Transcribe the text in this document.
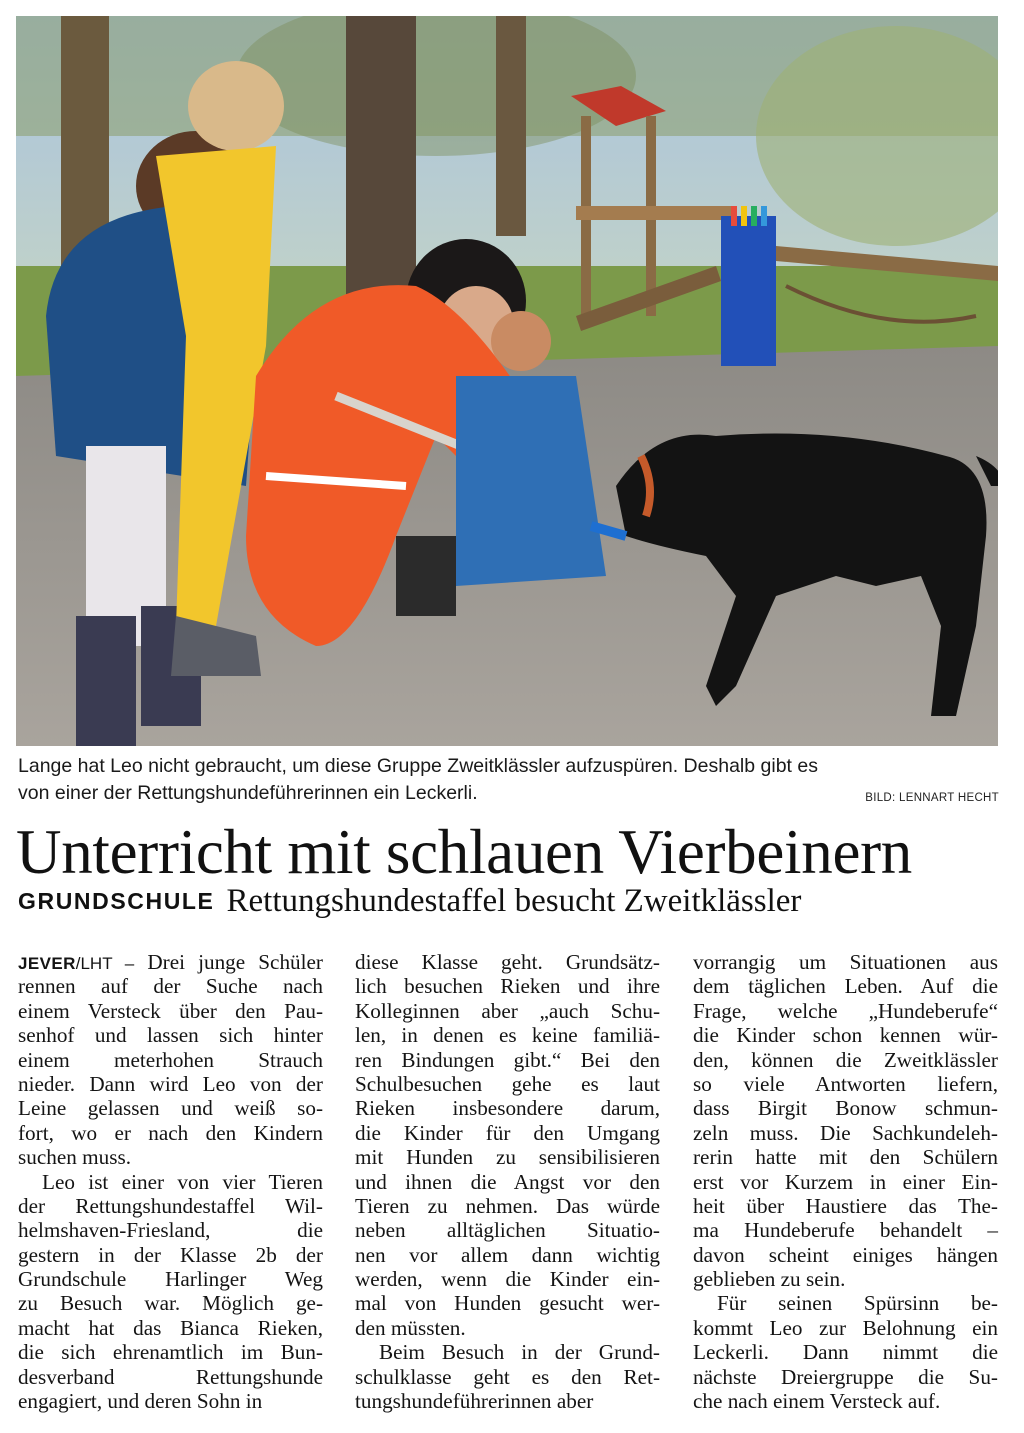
Lange hat Leo nicht gebraucht, um diese Gruppe Zweitklässler aufzuspüren. Deshalb gibt es
von einer der Rettungshundeführerinnen ein Leckerli.	BILD: LENNART HECHT
Unterricht mit schlauen Vierbeinern
GRUNDSCHULE Rettungshundestaffel besucht Zweitklässler
JEVER/LHT – Drei junge Schüler
rennen auf der Suche nach
einem Versteck über den Pau-
senhof und lassen sich hinter
einem meterhohen Strauch
nieder. Dann wird Leo von der
Leine gelassen und weiß so-
fort, wo er nach den Kindern
suchen muss.
Leo ist einer von vier Tieren
der Rettungshundestaffel Wil-
helmshaven-Friesland, die
gestern in der Klasse 2b der
Grundschule Harlinger Weg
zu Besuch war. Möglich ge-
macht hat das Bianca Rieken,
die sich ehrenamtlich im Bun-
desverband Rettungshunde
engagiert, und deren Sohn in
diese Klasse geht. Grundsätz-
lich besuchen Rieken und ihre
Kolleginnen aber „auch Schu-
len, in denen es keine familiä-
ren Bindungen gibt.“ Bei den
Schulbesuchen gehe es laut
Rieken insbesondere darum,
die Kinder für den Umgang
mit Hunden zu sensibilisieren
und ihnen die Angst vor den
Tieren zu nehmen. Das würde
neben alltäglichen Situatio-
nen vor allem dann wichtig
werden, wenn die Kinder ein-
mal von Hunden gesucht wer-
den müssten.
Beim Besuch in der Grund-
schulklasse geht es den Ret-
tungshundeführerinnen aber
vorrangig um Situationen aus
dem täglichen Leben. Auf die
Frage, welche „Hundeberufe“
die Kinder schon kennen wür-
den, können die Zweitklässler
so viele Antworten liefern,
dass Birgit Bonow schmun-
zeln muss. Die Sachkundeleh-
rerin hatte mit den Schülern
erst vor Kurzem in einer Ein-
heit über Haustiere das The-
ma Hundeberufe behandelt –
davon scheint einiges hängen
geblieben zu sein.
Für seinen Spürsinn be-
kommt Leo zur Belohnung ein
Leckerli. Dann nimmt die
nächste Dreiergruppe die Su-
che nach einem Versteck auf.
